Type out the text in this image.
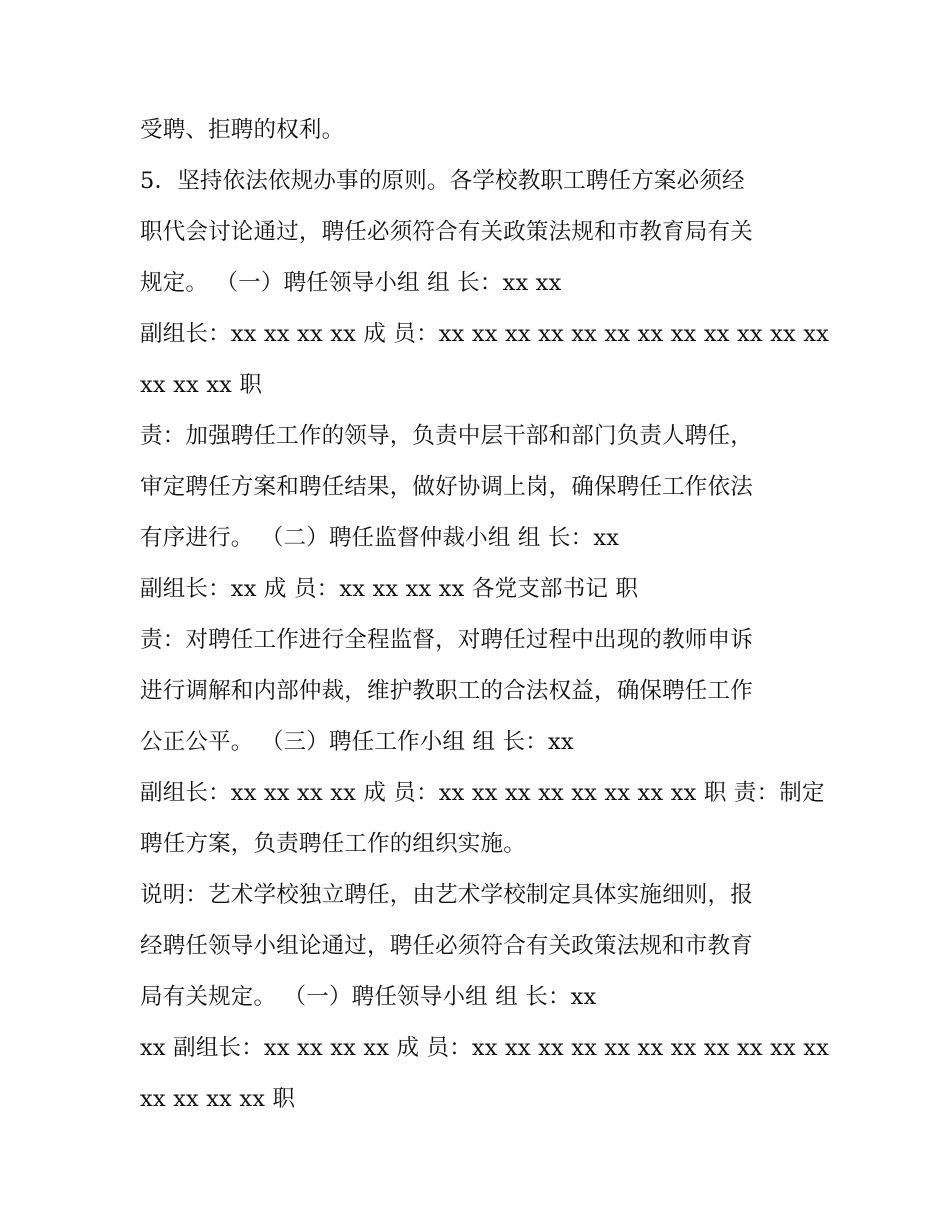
受聘、拒聘的权利。
5．坚持依法依规办事的原则。各学校教职工聘任方案必须经
职代会讨论通过，聘任必须符合有关政策法规和市教育局有关
规定。 （一）聘任领导小组 组 长：xx xx
副组长：xx xx xx xx 成 员：xx xx xx xx xx xx xx xx xx xx xx xx
xx xx xx 职
责：加强聘任工作的领导，负责中层干部和部门负责人聘任，
审定聘任方案和聘任结果，做好协调上岗，确保聘任工作依法
有序进行。 （二）聘任监督仲裁小组 组 长：xx
副组长：xx 成 员：xx xx xx xx 各党支部书记 职
责：对聘任工作进行全程监督，对聘任过程中出现的教师申诉
进行调解和内部仲裁，维护教职工的合法权益，确保聘任工作
公正公平。 （三）聘任工作小组 组 长：xx
副组长：xx xx xx xx 成 员：xx xx xx xx xx xx xx xx 职 责：制定
聘任方案，负责聘任工作的组织实施。
说明：艺术学校独立聘任，由艺术学校制定具体实施细则，报
经聘任领导小组论通过，聘任必须符合有关政策法规和市教育
局有关规定。 （一）聘任领导小组 组 长：xx
xx 副组长：xx xx xx xx 成 员：xx xx xx xx xx xx xx xx xx xx xx
xx xx xx xx 职
